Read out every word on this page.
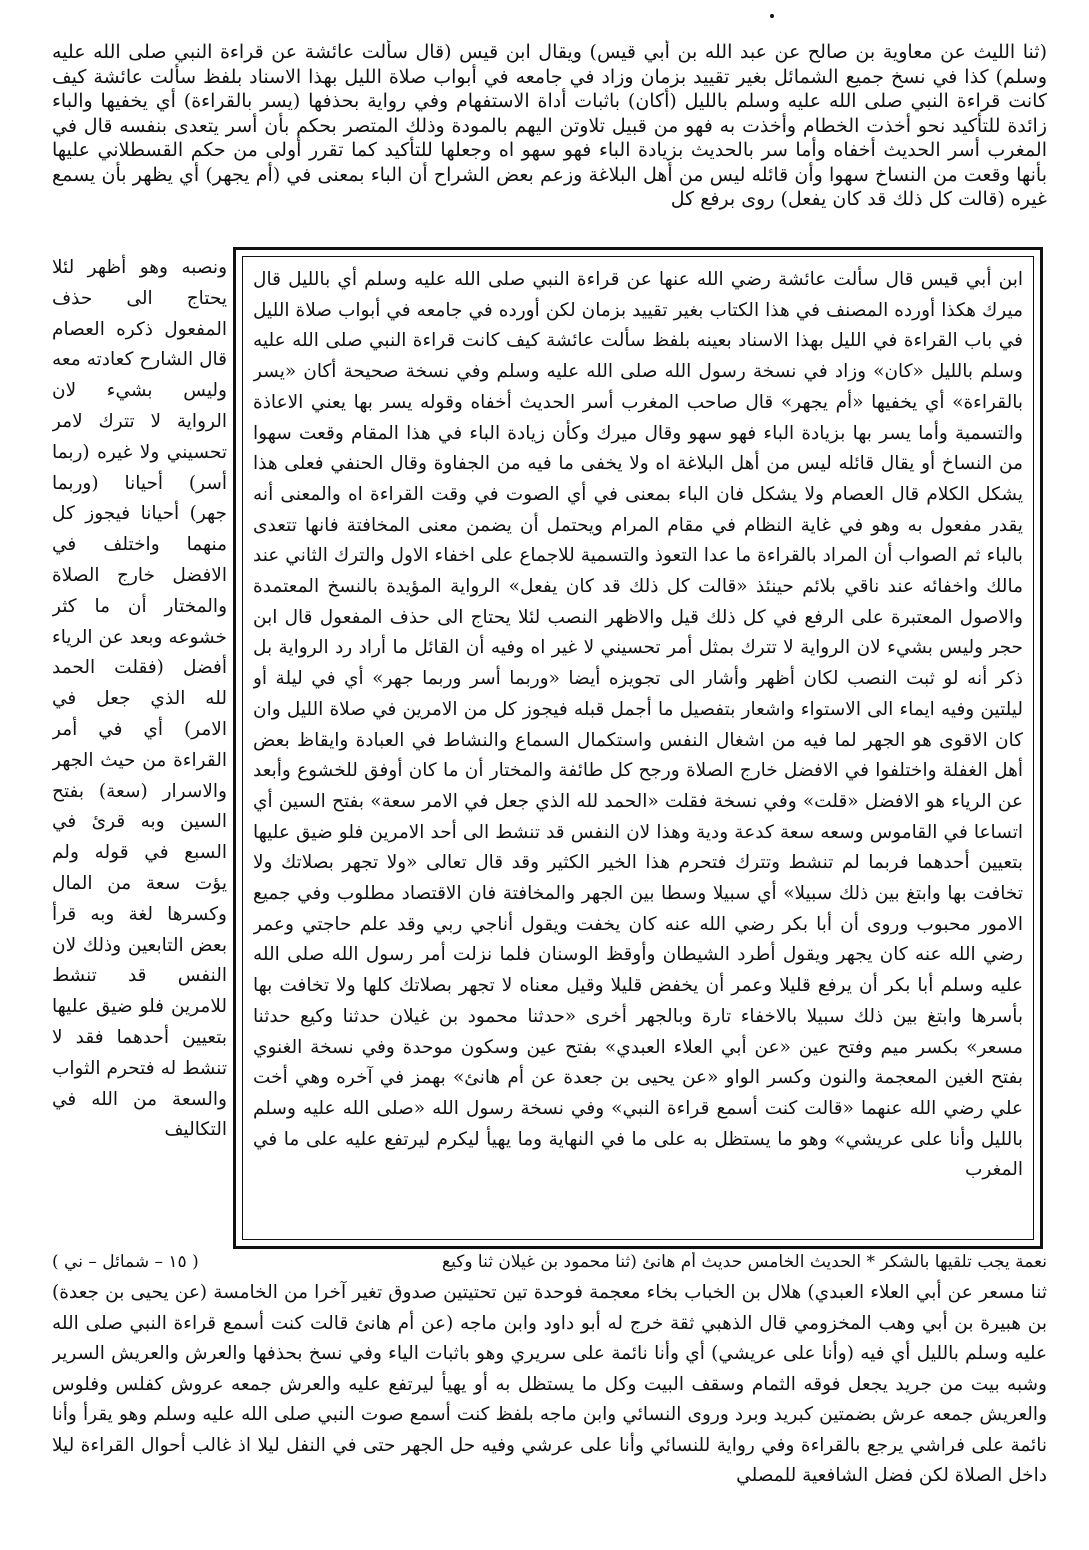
(ثنا الليث عن معاوية بن صالح عن عبد الله بن أبي قيس) ويقال ابن قيس (قال سألت عائشة عن قراءة النبي صلى الله عليه وسلم) كذا في نسخ جميع الشمائل بغير تقييد بزمان وزاد في جامعه في أبواب صلاة الليل بهذا الاسناد بلفظ سألت عائشة كيف كانت قراءة النبي صلى الله عليه وسلم بالليل (أكان) باثبات أداة الاستفهام وفي رواية بحذفها (يسر بالقراءة) أي يخفيها والباء زائدة للتأكيد نحو أخذت الخطام وأخذت به فهو من قبيل تلاوتن اليهم بالمودة وذلك المتصر بحكم بأن أسر يتعدى بنفسه قال في المغرب أسر الحديث أخفاه وأما سر بالحديث بزيادة الباء فهو سهو اه وجعلها للتأكيد كما تقرر أولى من حكم القسطلاني عليها بأنها وقعت من النساخ سهوا وأن قائله ليس من أهل البلاغة وزعم بعض الشراح أن الباء بمعنى في (أم يجهر) أي يظهر بأن يسمع غيره (قالت كل ذلك قد كان يفعل) روى برفع كل

ابن أبي قيس قال سألت عائشة رضي الله عنها عن قراءة النبي صلى الله عليه وسلم أي بالليل قال ميرك هكذا أورده المصنف في هذا الكتاب بغير تقييد بزمان لكن أورده في جامعه في أبواب صلاة الليل في باب القراءة في الليل بهذا الاسناد بعينه بلفظ سألت عائشة كيف كانت قراءة النبي صلى الله عليه وسلم بالليل «كان» وزاد في نسخة رسول الله صلى الله عليه وسلم وفي نسخة صحيحة أكان «يسر بالقراءة» أي يخفيها «أم يجهر» قال صاحب المغرب أسر الحديث أخفاه وقوله يسر بها يعني الاعاذة والتسمية وأما يسر بها بزيادة الباء فهو سهو وقال ميرك وكأن زيادة الباء في هذا المقام وقعت سهوا من النساخ أو يقال قائله ليس من أهل البلاغة اه ولا يخفى ما فيه من الجفاوة وقال الحنفي فعلى هذا يشكل الكلام قال العصام ولا يشكل فان الباء بمعنى في أي الصوت في وقت القراءة اه والمعنى أنه يقدر مفعول به وهو في غاية النظام في مقام المرام ويحتمل أن يضمن معنى المخافتة فانها تتعدى بالباء ثم الصواب أن المراد بالقراءة ما عدا التعوذ والتسمية للاجماع على اخفاء الاول والترك الثاني عند مالك واخفائه عند ناقي بلائم حينئذ «قالت كل ذلك قد كان يفعل» الرواية المؤيدة بالنسخ المعتمدة والاصول المعتبرة على الرفع في كل ذلك قيل والاظهر النصب لئلا يحتاج الى حذف المفعول قال ابن حجر وليس بشيء لان الرواية لا تترك بمثل أمر تحسيني لا غير اه وفيه أن القائل ما أراد رد الرواية بل ذكر أنه لو ثبت النصب لكان أظهر وأشار الى تجويزه أيضا «وربما أسر وربما جهر» أي في ليلة أو ليلتين وفيه ايماء الى الاستواء واشعار بتفصيل ما أجمل قبله فيجوز كل من الامرين في صلاة الليل وان كان الاقوى هو الجهر لما فيه من اشغال النفس واستكمال السماع والنشاط في العبادة وايقاظ بعض أهل الغفلة واختلفوا في الافضل خارج الصلاة ورجح كل طائفة والمختار أن ما كان أوفق للخشوع وأبعد عن الرياء هو الافضل «قلت» وفي نسخة فقلت «الحمد لله الذي جعل في الامر سعة» بفتح السين أي اتساعا في القاموس وسعه سعة كدعة ودية وهذا لان النفس قد تنشط الى أحد الامرين فلو ضيق عليها بتعيين أحدهما فربما لم تنشط وتترك فتحرم هذا الخير الكثير وقد قال تعالى «ولا تجهر بصلاتك ولا تخافت بها وابتغ بين ذلك سبيلا» أي سبيلا وسطا بين الجهر والمخافتة فان الاقتصاد مطلوب وفي جميع الامور محبوب وروى أن أبا بكر رضي الله عنه كان يخفت ويقول أناجي ربي وقد علم حاجتي وعمر رضي الله عنه كان يجهر ويقول أطرد الشيطان وأوقظ الوسنان فلما نزلت أمر رسول الله صلى الله عليه وسلم أبا بكر أن يرفع قليلا وعمر أن يخفض قليلا وقيل معناه لا تجهر بصلاتك كلها ولا تخافت بها بأسرها وابتغ بين ذلك سبيلا بالاخفاء تارة وبالجهر أخرى «حدثنا محمود بن غيلان حدثنا وكيع حدثنا مسعر» بكسر ميم وفتح عين «عن أبي العلاء العبدي» بفتح عين وسكون موحدة وفي نسخة الغنوي بفتح الغين المعجمة والنون وكسر الواو «عن يحيى بن جعدة عن أم هانئ» بهمز في آخره وهي أخت علي رضي الله عنهما «قالت كنت أسمع قراءة النبي» وفي نسخة رسول الله «صلى الله عليه وسلم بالليل وأنا على عريشي» وهو ما يستظل به على ما في النهاية وما يهيأ ليكرم ليرتفع عليه على ما في المغرب

ونصبه وهو أظهر لئلا يحتاج الى حذف المفعول ذكره العصام قال الشارح كعادته معه وليس بشيء لان الرواية لا تترك لامر تحسيني ولا غيره (ربما أسر) أحيانا (وربما جهر) أحيانا فيجوز كل منهما واختلف في الافضل خارج الصلاة والمختار أن ما كثر خشوعه وبعد عن الرياء أفضل (فقلت الحمد لله الذي جعل في الامر) أي في أمر القراءة من حيث الجهر والاسرار (سعة) بفتح السين وبه قرئ في السبع في قوله ولم يؤت سعة من المال وكسرها لغة وبه قرأ بعض التابعين وذلك لان النفس قد تنشط للامرين فلو ضيق عليها بتعيين أحدهما فقد لا تنشط له فتحرم الثواب والسعة من الله في التكاليف

( ١٥ – شمائل – ني )	نعمة يجب تلقيها بالشكر * الحديث الخامس حديث أم هانئ (ثنا محمود بن غيلان ثنا وكيع

ثنا مسعر عن أبي العلاء العبدي) هلال بن الخباب بخاء معجمة فوحدة تين تحتيتين صدوق تغير آخرا من الخامسة (عن يحيى بن جعدة) بن هبيرة بن أبي وهب المخزومي قال الذهبي ثقة خرج له أبو داود وابن ماجه (عن أم هانئ قالت كنت أسمع قراءة النبي صلى الله عليه وسلم بالليل أي فيه (وأنا على عريشي) أي وأنا نائمة على سريري وهو باثبات الياء وفي نسخ بحذفها والعرش والعريش السرير وشبه بيت من جريد يجعل فوقه الثمام وسقف البيت وكل ما يستظل به أو يهيأ ليرتفع عليه والعرش جمعه عروش كفلس وفلوس والعريش جمعه عرش بضمتين كبريد وبرد وروى النسائي وابن ماجه بلفظ كنت أسمع صوت النبي صلى الله عليه وسلم وهو يقرأ وأنا نائمة على فراشي يرجع بالقراءة وفي رواية للنسائي وأنا على عرشي وفيه حل الجهر حتى في النفل ليلا اذ غالب أحوال القراءة ليلا داخل الصلاة لكن فضل الشافعية للمصلي
